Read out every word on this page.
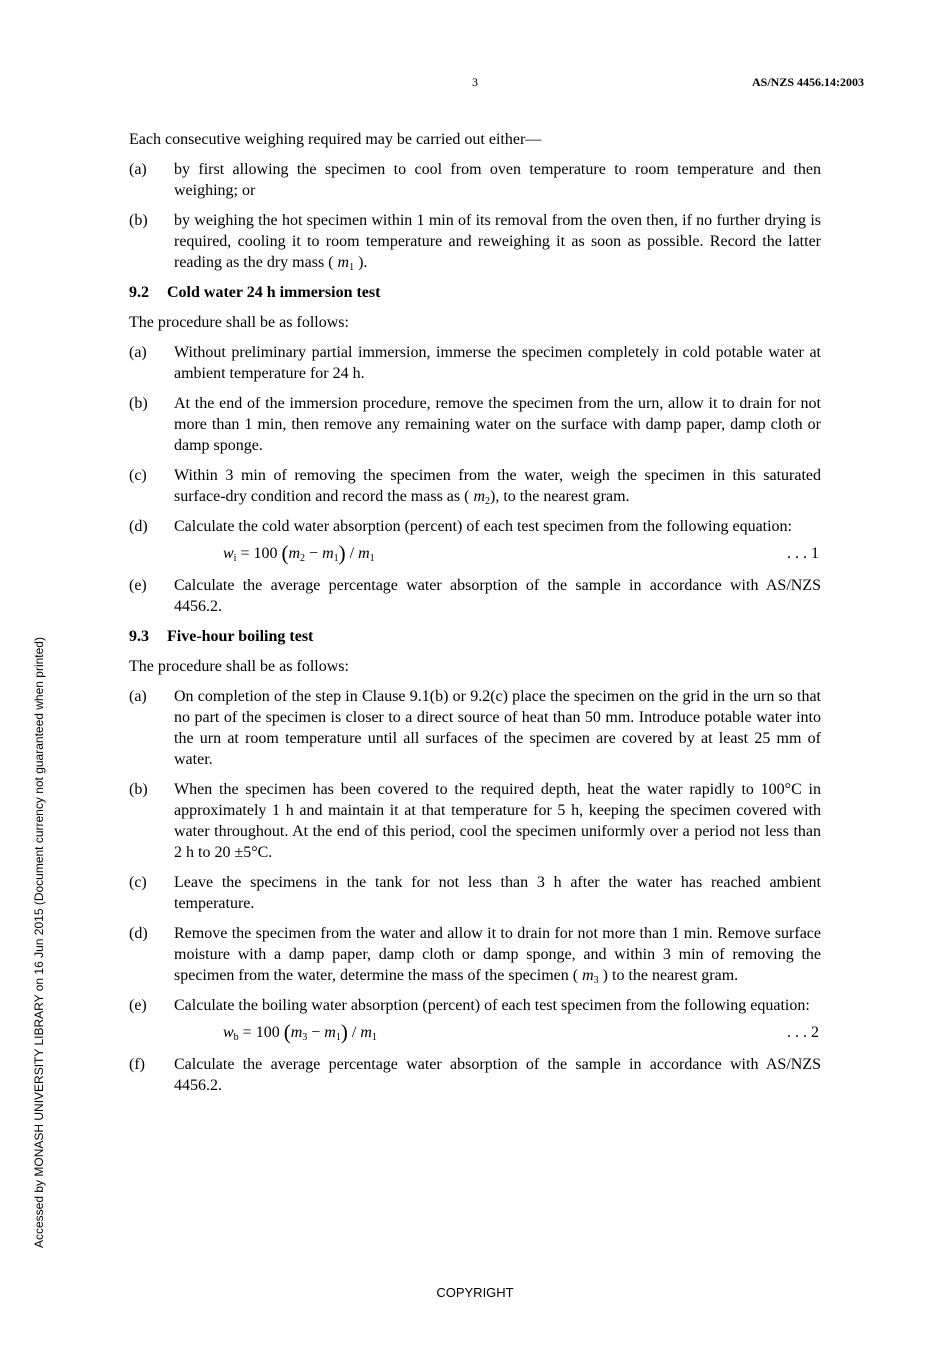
3	AS/NZS 4456.14:2003

Each consecutive weighing required may be carried out either—

(a)	by first allowing the specimen to cool from oven temperature to room temperature and then weighing; or
(b)	by weighing the hot specimen within 1 min of its removal from the oven then, if no further drying is required, cooling it to room temperature and reweighing it as soon as possible. Record the latter reading as the dry mass ( $m_1$ ).
9.2 Cold water 24 h immersion test

The procedure shall be as follows:

(a)	Without preliminary partial immersion, immerse the specimen completely in cold potable water at ambient temperature for 24 h.
(b)	At the end of the immersion procedure, remove the specimen from the urn, allow it to drain for not more than 1 min, then remove any remaining water on the surface with damp paper, damp cloth or damp sponge.
(c)	Within 3 min of removing the specimen from the water, weigh the specimen in this saturated surface-dry condition and record the mass as ( $m_2$), to the nearest gram.
(d)	Calculate the cold water absorption (percent) of each test specimen from the following equation:
$w_i = 100$ $(m_2 - m_1) / m_1$	. . . 1
(e)	Calculate the average percentage water absorption of the sample in accordance with AS/NZS 4456.2.
9.3 Five-hour boiling test

The procedure shall be as follows:

(a)	On completion of the step in Clause 9.1(b) or 9.2(c) place the specimen on the grid in the urn so that no part of the specimen is closer to a direct source of heat than 50 mm. Introduce potable water into the urn at room temperature until all surfaces of the specimen are covered by at least 25 mm of water.
(b)	When the specimen has been covered to the required depth, heat the water rapidly to 100°C in approximately 1 h and maintain it at that temperature for 5 h, keeping the specimen covered with water throughout. At the end of this period, cool the specimen uniformly over a period not less than 2 h to 20 ±5°C.
(c)	Leave the specimens in the tank for not less than 3 h after the water has reached ambient temperature.
(d)	Remove the specimen from the water and allow it to drain for not more than 1 min. Remove surface moisture with a damp paper, damp cloth or damp sponge, and within 3 min of removing the specimen from the water, determine the mass of the specimen ( $m_3$ ) to the nearest gram.
(e)	Calculate the boiling water absorption (percent) of each test specimen from the following equation:
$w_b = 100$ $(m_3 - m_1) / m_1$	. . . 2
(f)	Calculate the average percentage water absorption of the sample in accordance with AS/NZS 4456.2.
Accessed by MONASH UNIVERSITY LIBRARY on 16 Jun 2015 (Document currency not guaranteed when printed)
COPYRIGHT
